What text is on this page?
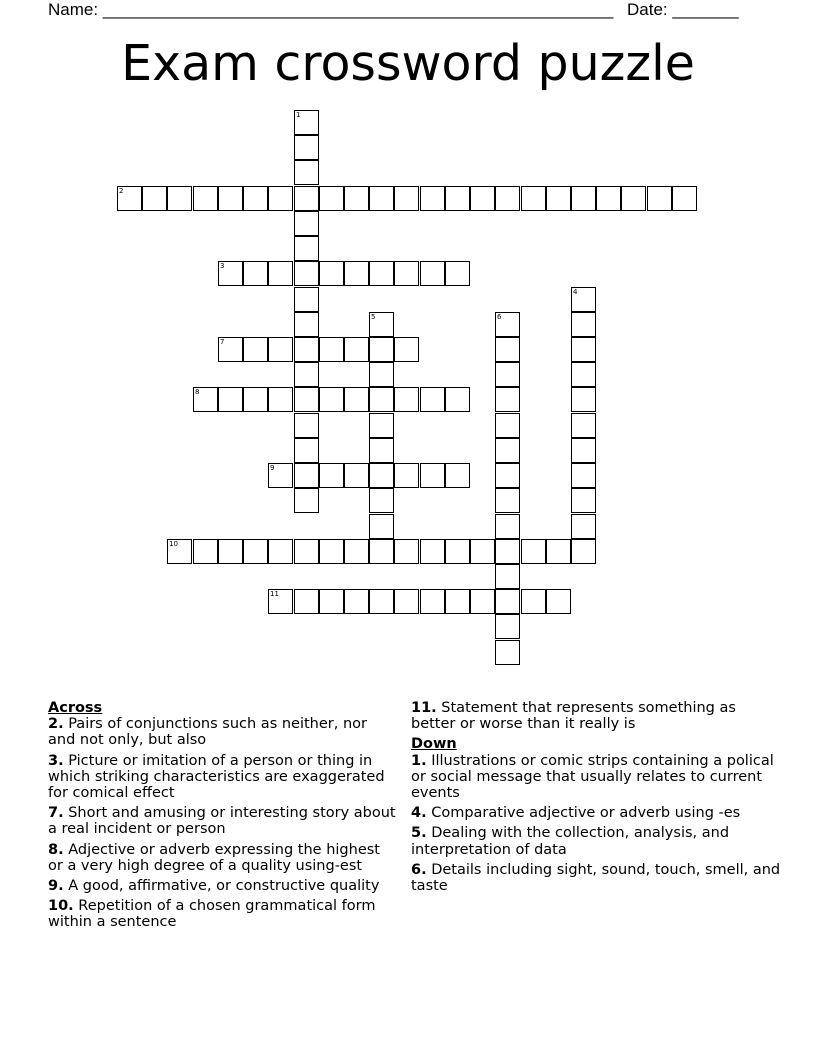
Name: ______________________________________________________ Date: _______
Exam crossword puzzle
1
2
3
4
5	6
7
8
9
10
11
Across
2. Pairs of conjunctions such as neither, nor and not only, but also
3. Picture or imitation of a person or thing in which striking characteristics are exaggerated for comical effect
7. Short and amusing or interesting story about a real incident or person
8. Adjective or adverb expressing the highest or a very high degree of a quality using-est
9. A good, affirmative, or constructive quality
10. Repetition of a chosen grammatical form within a sentence
11. Statement that represents something as better or worse than it really is
Down
1. Illustrations or comic strips containing a polical or social message that usually relates to current events
4. Comparative adjective or adverb using -es
5. Dealing with the collection, analysis, and interpretation of data
6. Details including sight, sound, touch, smell, and taste
